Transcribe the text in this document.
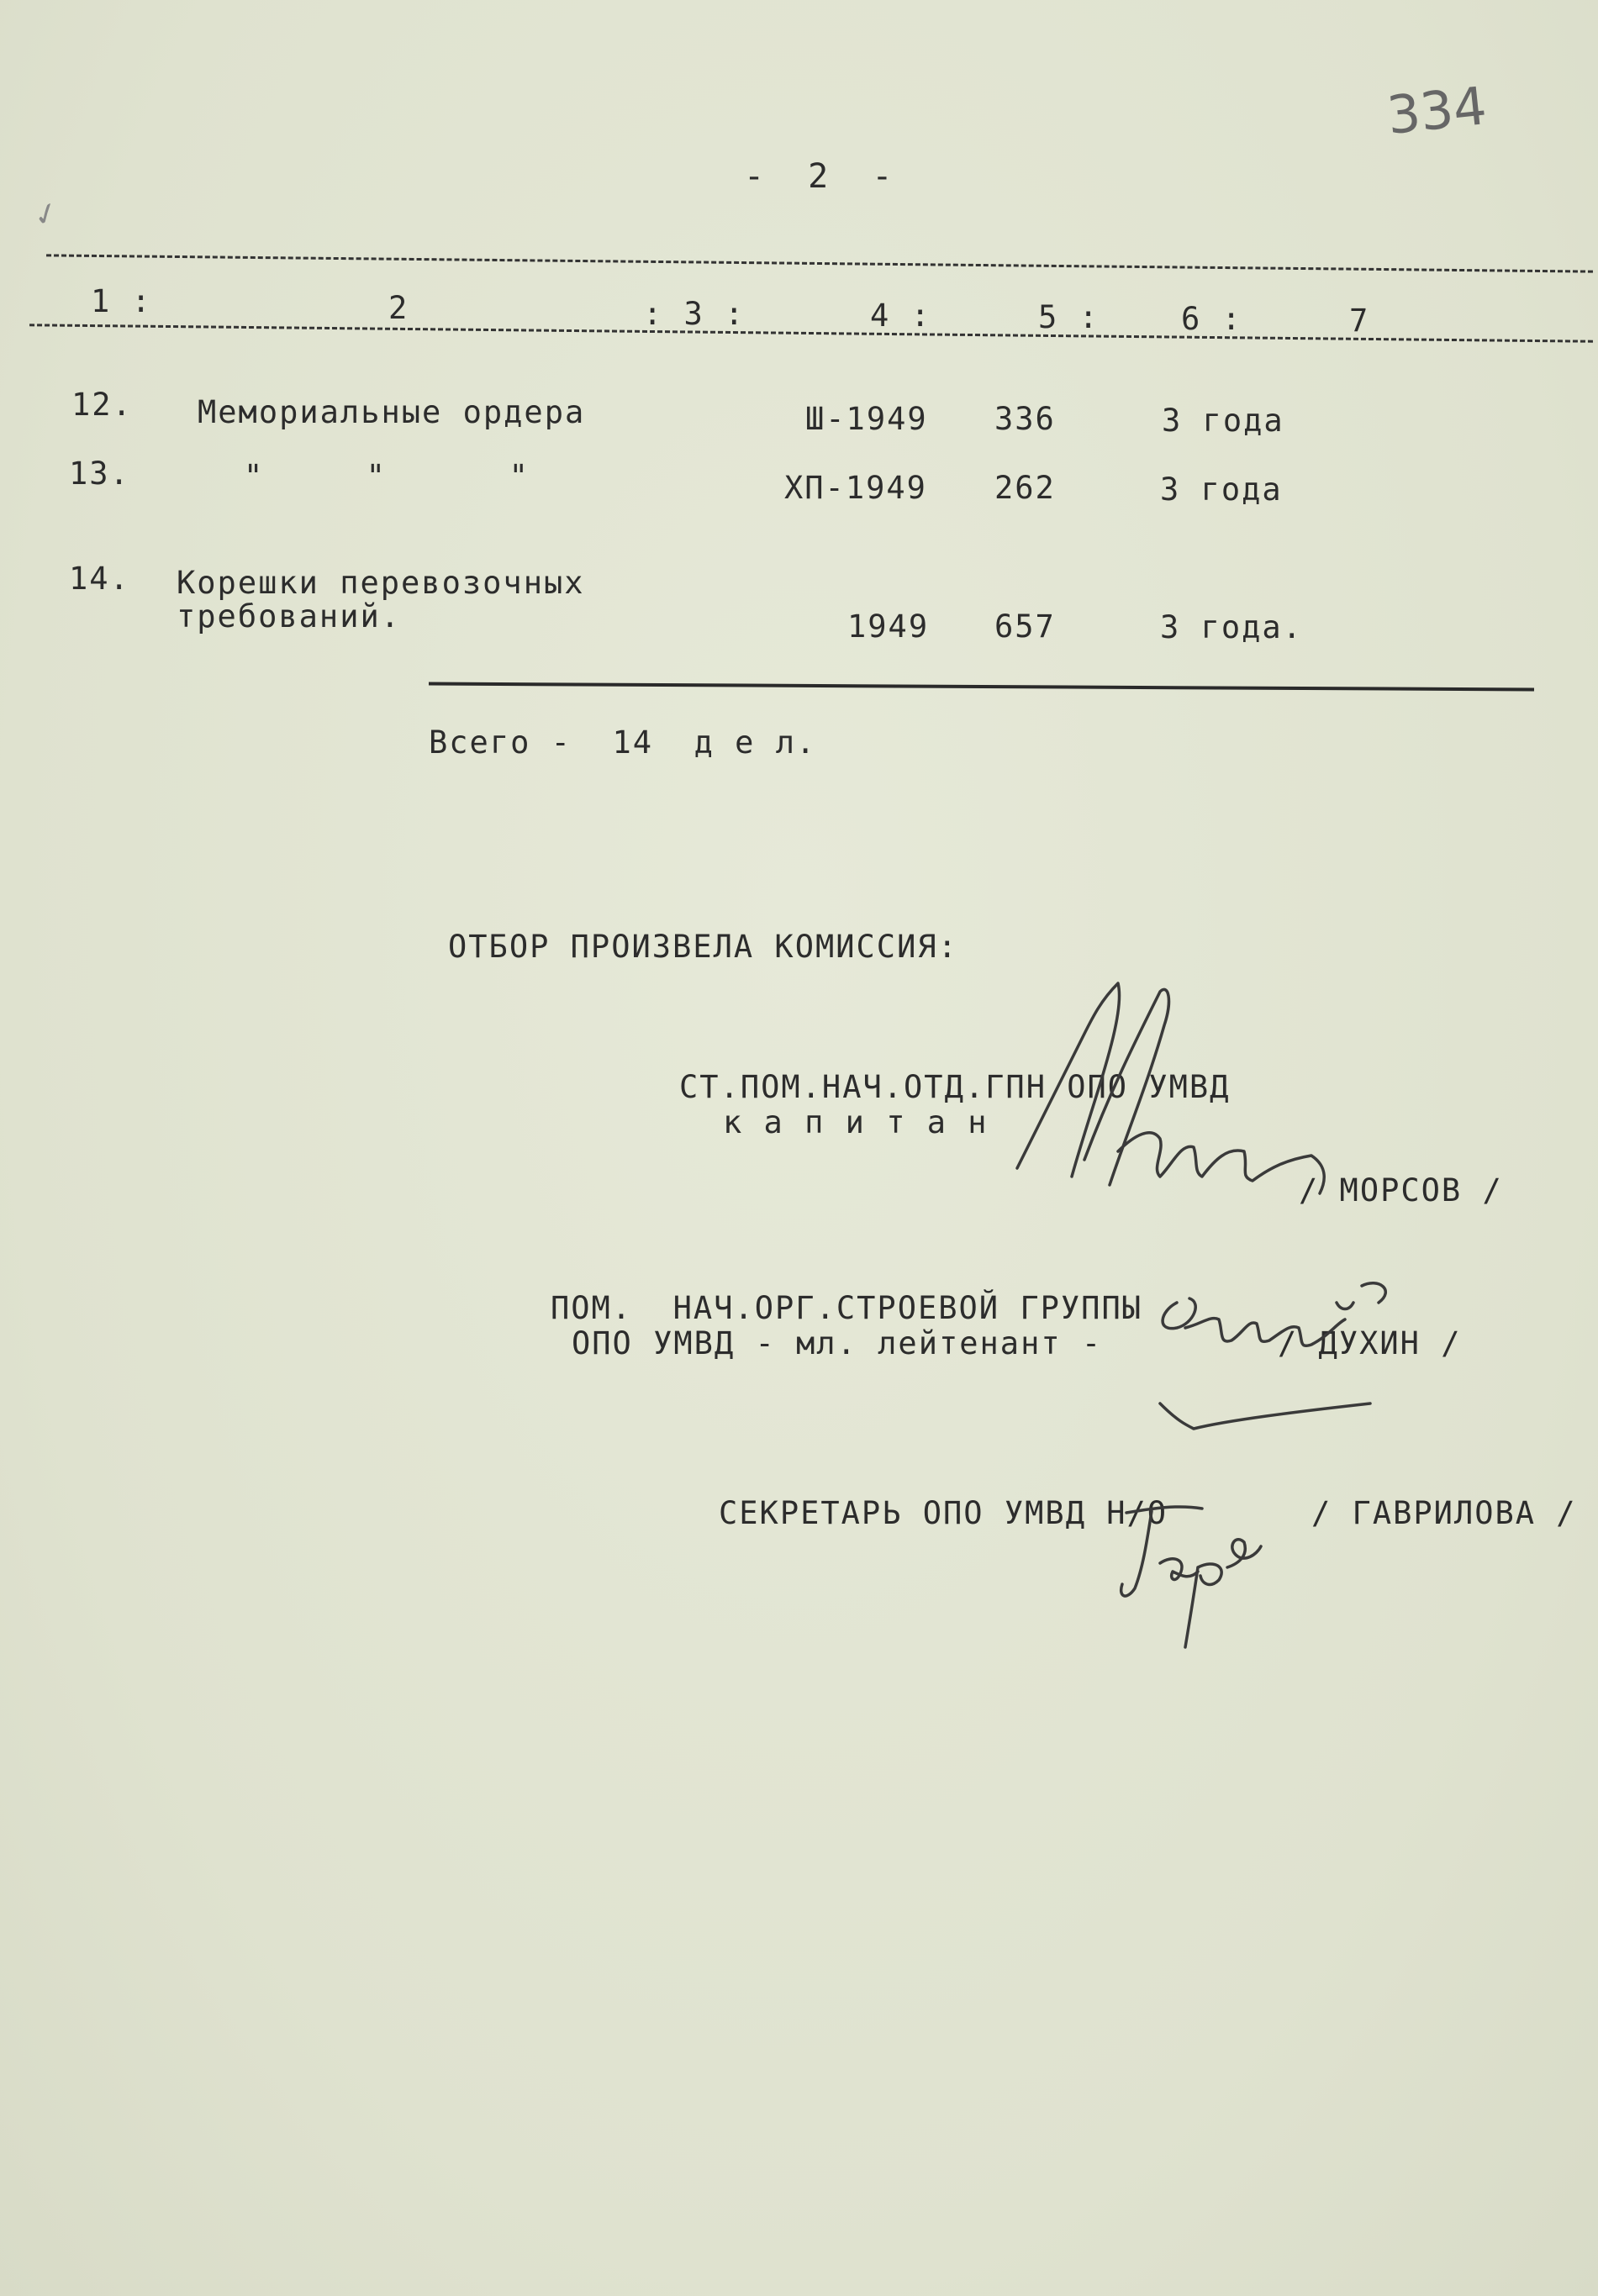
334
- 2 -
1 :	2	: 3 :	4 :	5 :	6 :	7
12. Мемориальные ордера	Ш-1949 336	3 года
13.	"     "      "	ХП-1949 262	3 года
14. Корешки перевозочных
требований.	1949 657	3 года.
Всего -  14  д е л.
ОТБОР ПРОИЗВЕЛА КОМИССИЯ:
СТ.ПОМ.НАЧ.ОТД.ГПН ОПО УМВД
к а п и т а н
/ МОРСОВ /
ПОМ.  НАЧ.ОРГ.СТРОЕВОЙ ГРУППЫ
ОПО УМВД - мл. лейтенант -	/ ДУХИН /
СЕКРЕТАРЬ ОПО УМВД Н/О	/ ГАВРИЛОВА /
✓
